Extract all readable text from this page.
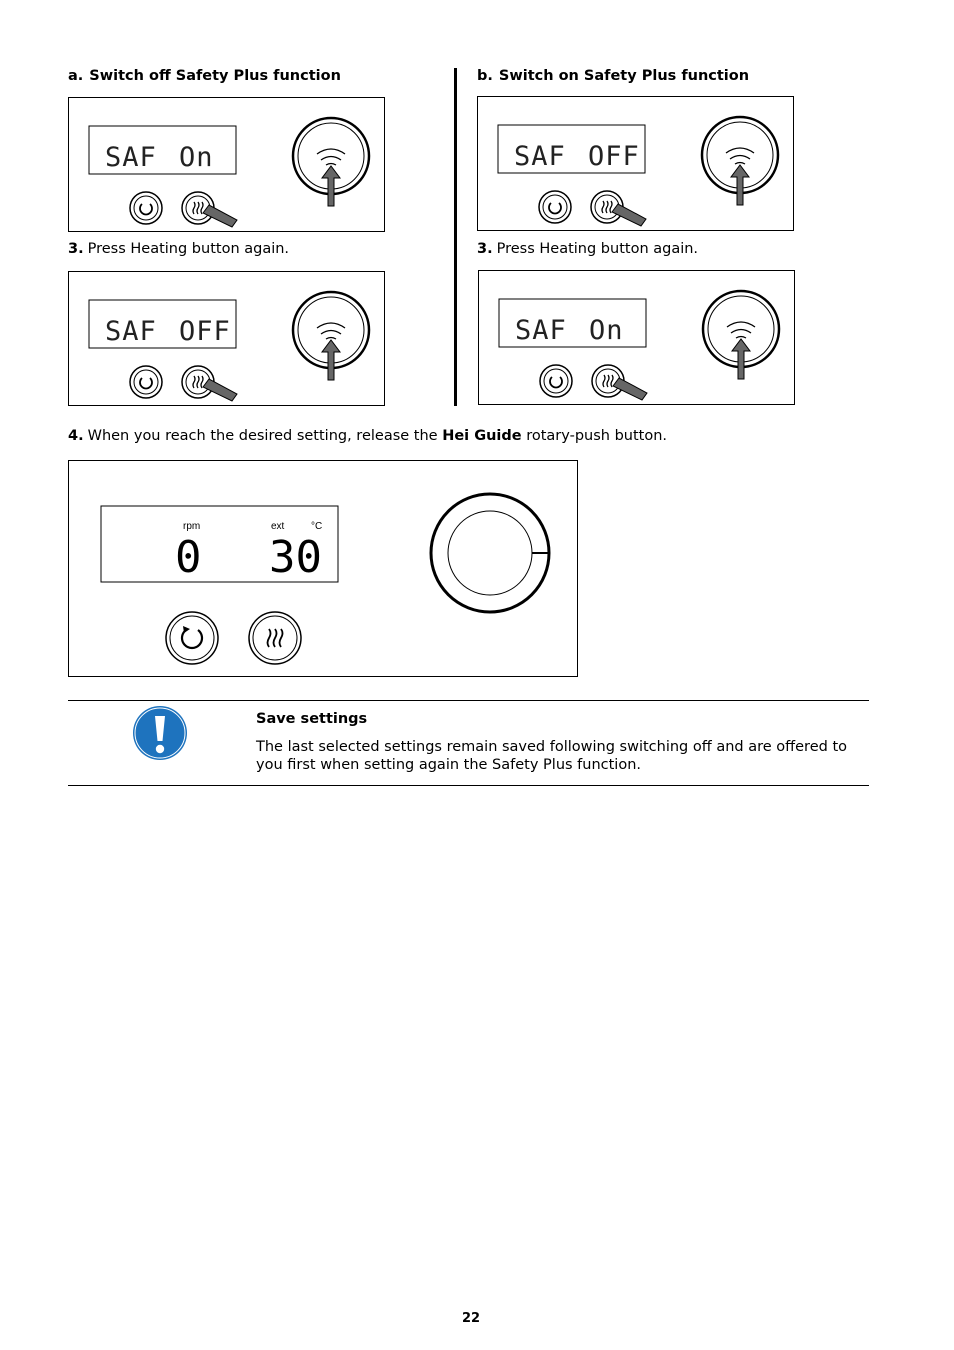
a. Switch off Safety Plus function	b. Switch on Safety Plus function
SAF On	SAF OFF
3. Press Heating button again.	3. Press Heating button again.
SAF OFF	SAF On
4. When you reach the desired setting, release the Hei Guide rotary-push button.
rpm	ext	°C
0 30
Save settings
The last selected settings remain saved following switching off and are offered to you first when setting again the Safety Plus function.
22
